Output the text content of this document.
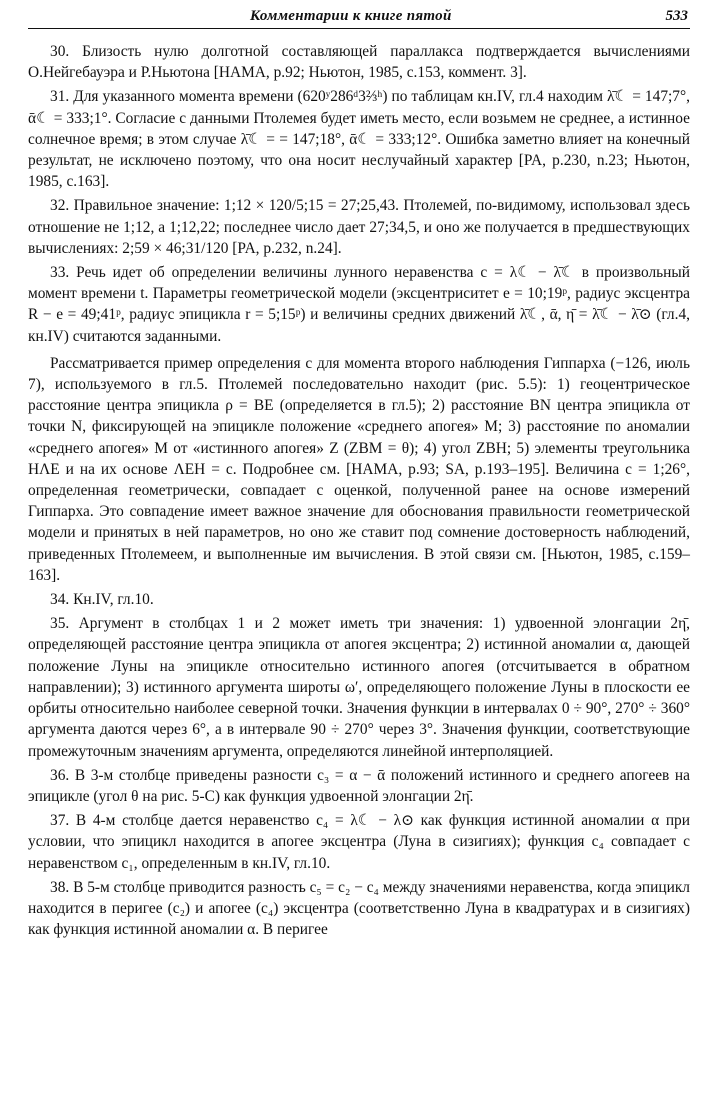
Комментарии к книге пятой	533

30. Близость нулю долготной составляющей параллакса подтверждается вычислениями О.Нейгебауэра и Р.Ньютона [HAMA, p.92; Ньютон, 1985, с.153, коммент. 3].

31. Для указанного момента времени (620ʸ286ᵈ3⅔ʰ) по таблицам кн.IV, гл.4 находим λ̄☾ = 147;7°, ᾱ☾ = 333;1°. Согласие с данными Птолемея будет иметь место, если возьмем не среднее, а истинное солнечное время; в этом случае λ̄☾ = = 147;18°, ᾱ☾ = 333;12°. Ошибка заметно влияет на конечный результат, не исключено поэтому, что она носит неслучайный характер [PA, p.230, n.23; Ньютон, 1985, с.163].

32. Правильное значение: 1;12 × 120/5;15 = 27;25,43. Птолемей, по-видимому, использовал здесь отношение не 1;12, а 1;12,22; последнее число дает 27;34,5, и оно же получается в предшествующих вычислениях: 2;59 × 46;31/120 [PA, p.232, n.24].

33. Речь идет об определении величины лунного неравенства c = λ☾ − λ̄☾ в произвольный момент времени t. Параметры геометрической модели (эксцентриситет e = 10;19ᵖ, радиус эксцентра R − e = 49;41ᵖ, радиус эпицикла r = 5;15ᵖ) и величины средних движений λ̄☾, ᾱ, η̄ = λ̄☾ − λ̄⊙ (гл.4, кн.IV) считаются заданными.

Рассматривается пример определения c для момента второго наблюдения Гиппарха (−126, июль 7), используемого в гл.5. Птолемей последовательно находит (рис. 5.5): 1) геоцентрическое расстояние центра эпицикла ρ = BE (определяется в гл.5); 2) расстояние BN центра эпицикла от точки N, фиксирующей на эпицикле положение «среднего апогея» M; 3) расстояние по аномалии «среднего апогея» M от «истинного апогея» Z (ZBM = θ); 4) угол ZBH; 5) элементы треугольника HΛE и на их основе ΛEH = c. Подробнее см. [HAMA, p.93; SA, p.193–195]. Величина c = 1;26°, определенная геометрически, совпадает с оценкой, полученной ранее на основе измерений Гиппарха. Это совпадение имеет важное значение для обоснования правильности геометрической модели и принятых в ней параметров, но оно же ставит под сомнение достоверность наблюдений, приведенных Птолемеем, и выполненные им вычисления. В этой связи см. [Ньютон, 1985, с.159–163].

34. Кн.IV, гл.10.

35. Аргумент в столбцах 1 и 2 может иметь три значения: 1) удвоенной элонгации 2η̄, определяющей расстояние центра эпицикла от апогея эксцентра; 2) истинной аномалии α, дающей положение Луны на эпицикле относительно истинного апогея (отсчитывается в обратном направлении); 3) истинного аргумента широты ω′, определяющего положение Луны в плоскости ее орбиты относительно наиболее северной точки. Значения функции в интервалах 0 ÷ 90°, 270° ÷ 360° аргумента даются через 6°, а в интервале 90 ÷ 270° через 3°. Значения функции, соответствующие промежуточным значениям аргумента, определяются линейной интерполяцией.

36. В 3-м столбце приведены разности c₃ = α − ᾱ положений истинного и среднего апогеев на эпицикле (угол θ на рис. 5-C) как функция удвоенной элонгации 2η̄.

37. В 4-м столбце дается неравенство c₄ = λ☾ − λ⊙ как функция истинной аномалии α при условии, что эпицикл находится в апогее эксцентра (Луна в сизигиях); функция c₄ совпадает с неравенством c₁, определенным в кн.IV, гл.10.

38. В 5-м столбце приводится разность c₅ = c₂ − c₄ между значениями неравенства, когда эпицикл находится в перигее (c₂) и апогее (c₄) эксцентра (соответственно Луна в квадратурах и в сизигиях) как функция истинной аномалии α. В перигее
